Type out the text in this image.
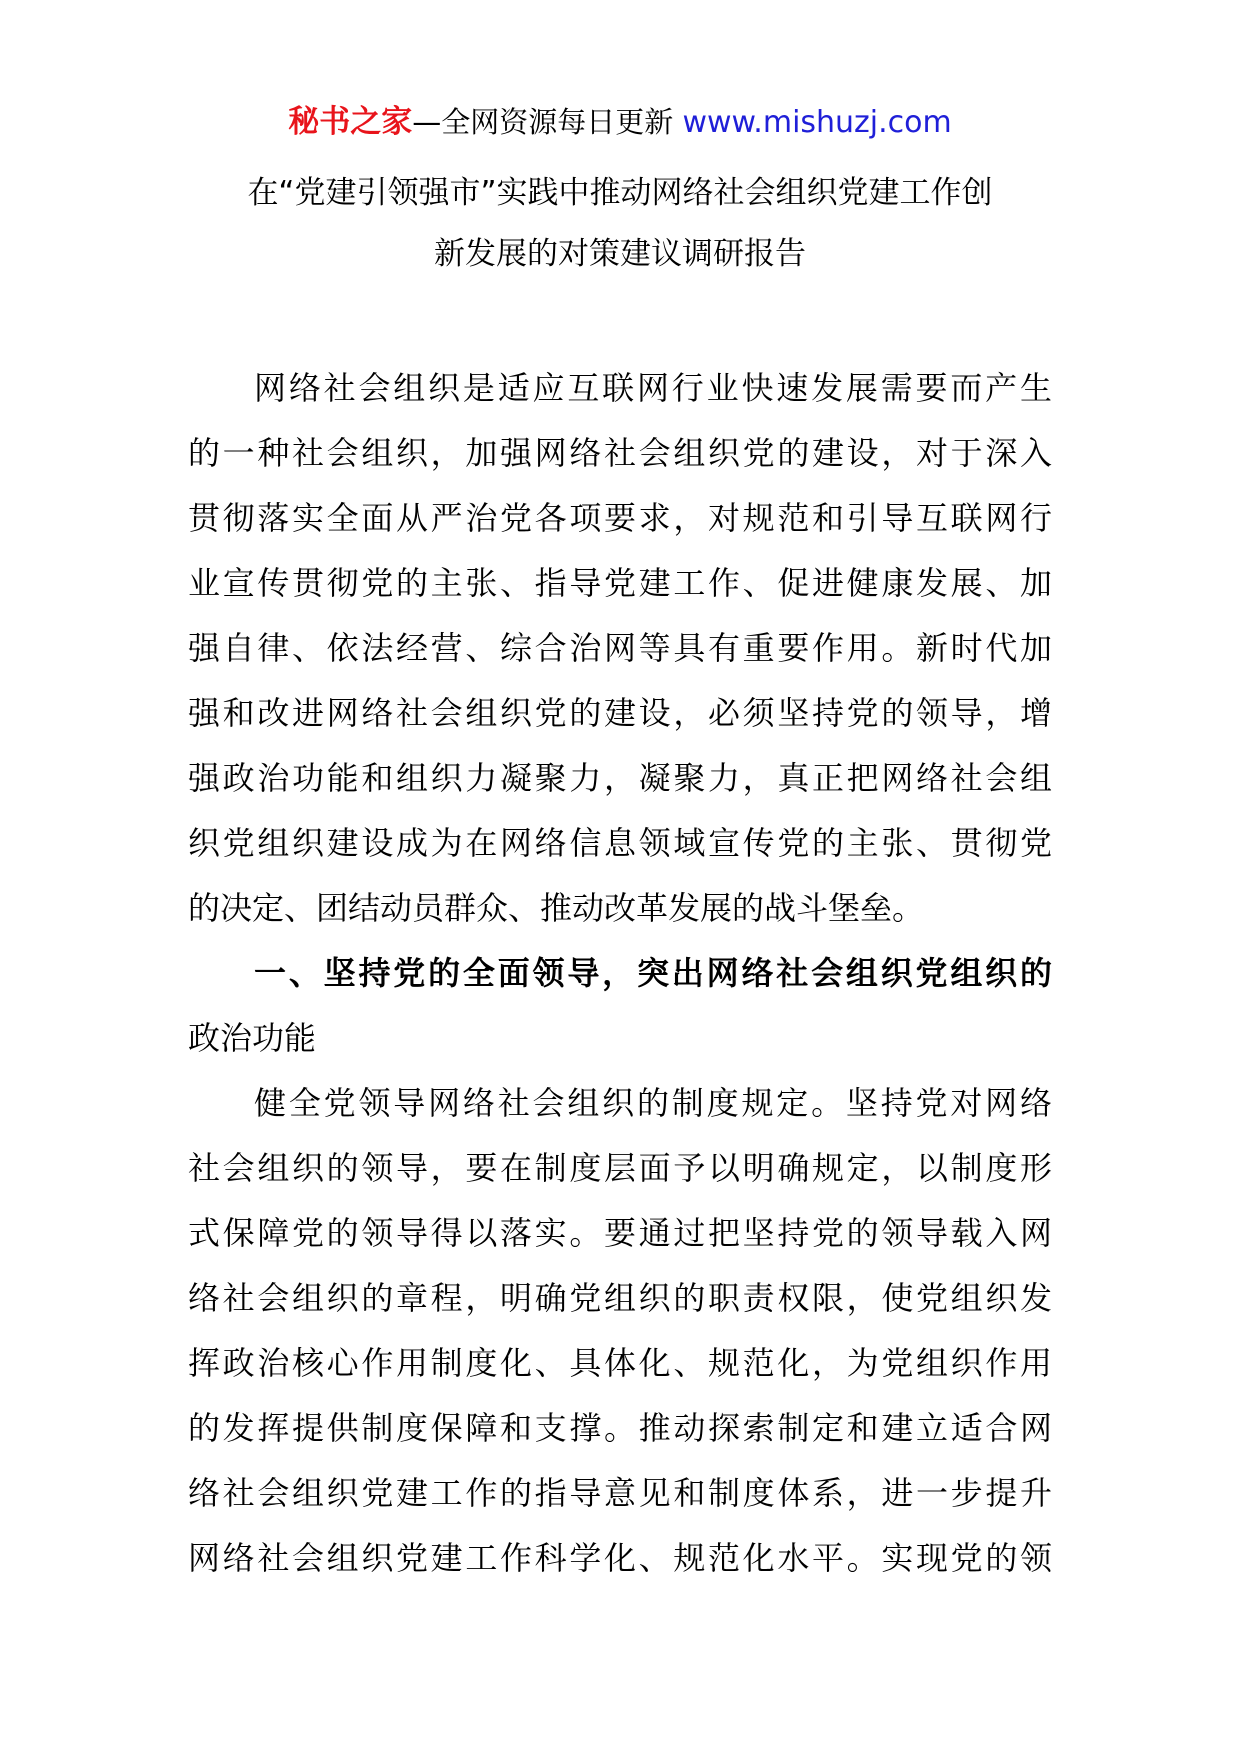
秘书之家—全网资源每日更新 www.mishuzj.com
在“党建引领强市”实践中推动网络社会组织党建工作创
新发展的对策建议调研报告
网络社会组织是适应互联网行业快速发展需要而产生
的一种社会组织，加强网络社会组织党的建设，对于深入
贯彻落实全面从严治党各项要求，对规范和引导互联网行
业宣传贯彻党的主张、指导党建工作、促进健康发展、加
强自律、依法经营、综合治网等具有重要作用。新时代加
强和改进网络社会组织党的建设，必须坚持党的领导，增
强政治功能和组织力凝聚力，凝聚力，真正把网络社会组
织党组织建设成为在网络信息领域宣传党的主张、贯彻党
的决定、团结动员群众、推动改革发展的战斗堡垒。
一、坚持党的全面领导，突出网络社会组织党组织的
政治功能
健全党领导网络社会组织的制度规定。坚持党对网络
社会组织的领导，要在制度层面予以明确规定，以制度形
式保障党的领导得以落实。要通过把坚持党的领导载入网
络社会组织的章程，明确党组织的职责权限，使党组织发
挥政治核心作用制度化、具体化、规范化，为党组织作用
的发挥提供制度保障和支撑。推动探索制定和建立适合网
络社会组织党建工作的指导意见和制度体系，进一步提升
网络社会组织党建工作科学化、规范化水平。实现党的领
